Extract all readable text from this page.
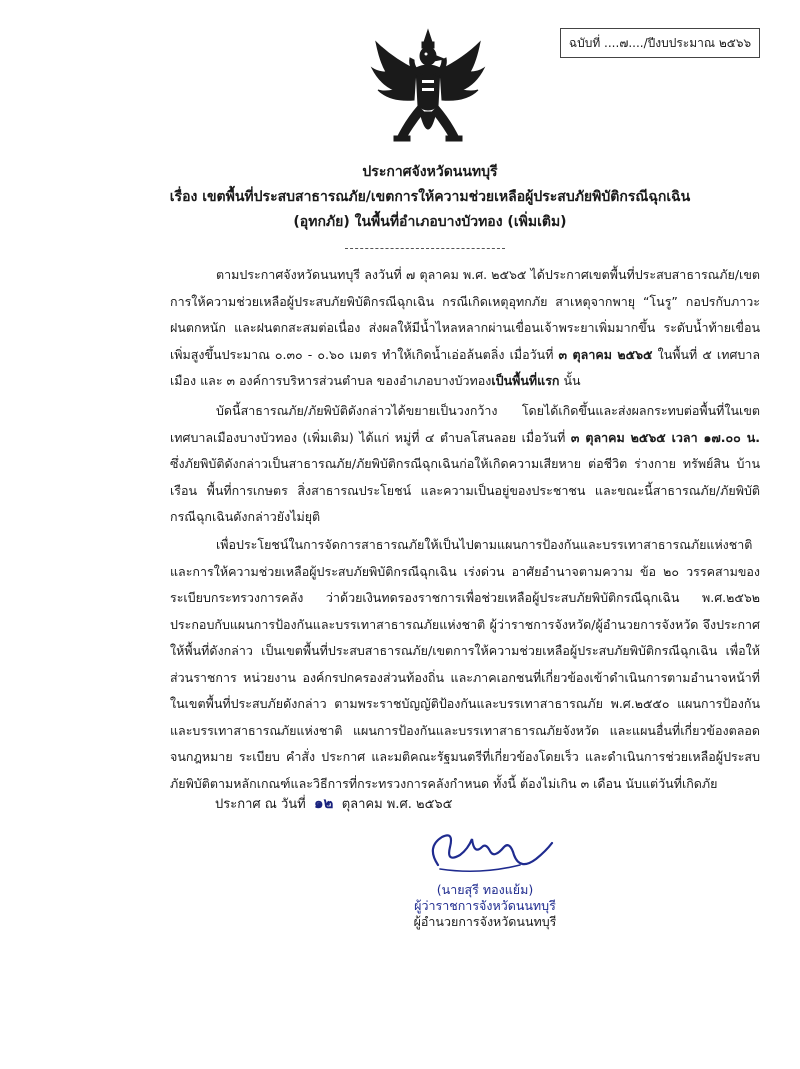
ฉบับที่ ....๗..../ปีงบประมาณ ๒๕๖๖
ประกาศจังหวัดนนทบุรี
เรื่อง เขตพื้นที่ประสบสาธารณภัย/เขตการให้ความช่วยเหลือผู้ประสบภัยพิบัติกรณีฉุกเฉิน
(อุทกภัย) ในพื้นที่อำเภอบางบัวทอง (เพิ่มเติม)

ตามประกาศจังหวัดนนทบุรี ลงวันที่ ๗ ตุลาคม พ.ศ. ๒๕๖๕ ได้ประกาศเขตพื้นที่ประสบสาธารณภัย/เขตการให้ความช่วยเหลือผู้ประสบภัยพิบัติกรณีฉุกเฉิน กรณีเกิดเหตุอุทกภัย สาเหตุจากพายุ “โนรู” กอปรกับภาวะฝนตกหนัก และฝนตกสะสมต่อเนื่อง ส่งผลให้มีน้ำไหลหลากผ่านเขื่อนเจ้าพระยาเพิ่มมากขึ้น ระดับน้ำท้ายเขื่อนเพิ่มสูงขึ้นประมาณ ๐.๓๐ - ๐.๖๐ เมตร ทำให้เกิดน้ำเอ่อล้นตลิ่ง เมื่อวันที่ ๓ ตุลาคม ๒๕๖๕ ในพื้นที่ ๕ เทศบาลเมือง และ ๓ องค์การบริหารส่วนตำบล ของอำเภอบางบัวทองเป็นพื้นที่แรก นั้น

บัดนี้สาธารณภัย/ภัยพิบัติดังกล่าวได้ขยายเป็นวงกว้าง โดยได้เกิดขึ้นและส่งผลกระทบต่อพื้นที่ในเขตเทศบาลเมืองบางบัวทอง (เพิ่มเติม) ได้แก่ หมู่ที่ ๔ ตำบลโสนลอย เมื่อวันที่ ๓ ตุลาคม ๒๕๖๕ เวลา ๑๗.๐๐ น. ซึ่งภัยพิบัติดังกล่าวเป็นสาธารณภัย/ภัยพิบัติกรณีฉุกเฉินก่อให้เกิดความเสียหาย ต่อชีวิต ร่างกาย ทรัพย์สิน บ้านเรือน พื้นที่การเกษตร สิ่งสาธารณประโยชน์ และความเป็นอยู่ของประชาชน และขณะนี้สาธารณภัย/ภัยพิบัติกรณีฉุกเฉินดังกล่าวยังไม่ยุติ

เพื่อประโยชน์ในการจัดการสาธารณภัยให้เป็นไปตามแผนการป้องกันและบรรเทาสาธารณภัยแห่งชาติและการให้ความช่วยเหลือผู้ประสบภัยพิบัติกรณีฉุกเฉิน เร่งด่วน อาศัยอำนาจตามความ ข้อ ๒๐ วรรคสามของระเบียบกระทรวงการคลัง ว่าด้วยเงินทดรองราชการเพื่อช่วยเหลือผู้ประสบภัยพิบัติกรณีฉุกเฉิน พ.ศ.๒๕๖๒ ประกอบกับแผนการป้องกันและบรรเทาสาธารณภัยแห่งชาติ ผู้ว่าราชการจังหวัด/ผู้อำนวยการจังหวัด จึงประกาศให้พื้นที่ดังกล่าว เป็นเขตพื้นที่ประสบสาธารณภัย/เขตการให้ความช่วยเหลือผู้ประสบภัยพิบัติกรณีฉุกเฉิน เพื่อให้ส่วนราชการ หน่วยงาน องค์กรปกครองส่วนท้องถิ่น และภาคเอกชนที่เกี่ยวข้องเข้าดำเนินการตามอำนาจหน้าที่ในเขตพื้นที่ประสบภัยดังกล่าว ตามพระราชบัญญัติป้องกันและบรรเทาสาธารณภัย พ.ศ.๒๕๕๐ แผนการป้องกันและบรรเทาสาธารณภัยแห่งชาติ แผนการป้องกันและบรรเทาสาธารณภัยจังหวัด และแผนอื่นที่เกี่ยวข้องตลอดจนกฎหมาย ระเบียบ คำสั่ง ประกาศ และมติคณะรัฐมนตรีที่เกี่ยวข้องโดยเร็ว และดำเนินการช่วยเหลือผู้ประสบภัยพิบัติตามหลักเกณฑ์และวิธีการที่กระทรวงการคลังกำหนด ทั้งนี้ ต้องไม่เกิน ๓ เดือน นับแต่วันที่เกิดภัย

ประกาศ ณ วันที่ ๑๒ ตุลาคม พ.ศ. ๒๕๖๕
(นายสุรี ทองแย้ม)
ผู้ว่าราชการจังหวัดนนทบุรี
ผู้อำนวยการจังหวัดนนทบุรี
